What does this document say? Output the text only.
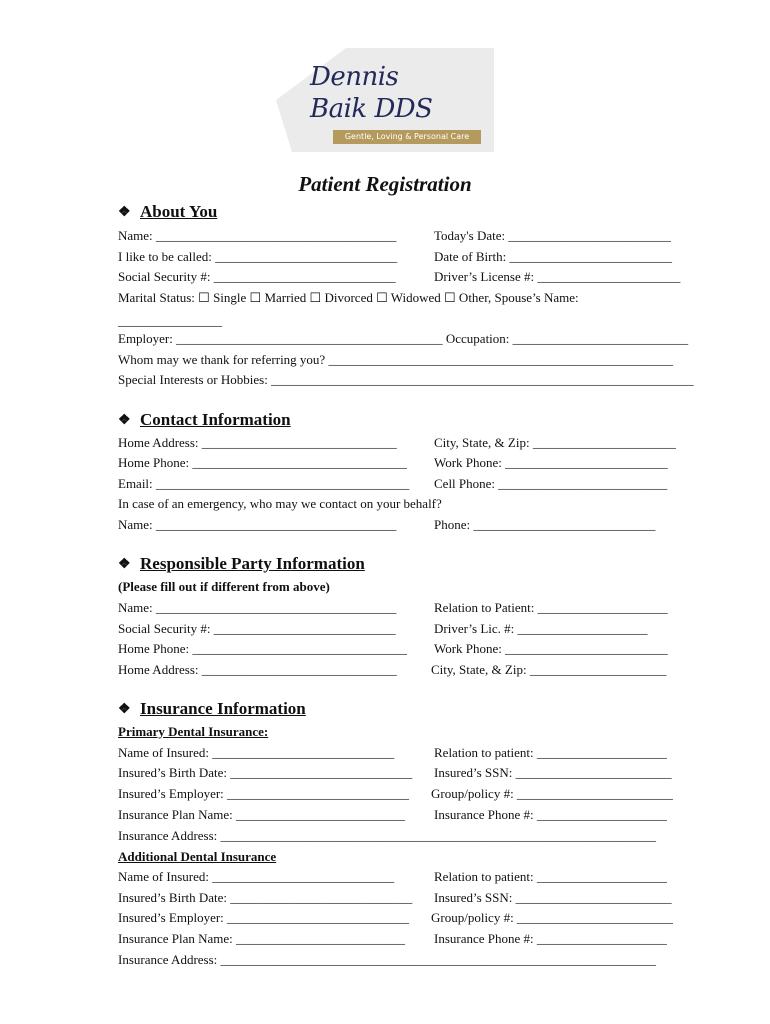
Dennis
Baik DDS
Gentle, Loving & Personal Care
Patient Registration
❖ About You
Name: _____________________________________	Today's Date: _________________________
I like to be called: ____________________________	Date of Birth: _________________________
Social Security #: ____________________________	Driver’s License #: ______________________
Marital Status: ☐ Single ☐ Married ☐ Divorced ☐ Widowed ☐ Other, Spouse’s Name:
________________
Employer: _________________________________________ Occupation: ___________________________
Whom may we thank for referring you? _____________________________________________________
Special Interests or Hobbies: _________________________________________________________________
❖ Contact Information
Home Address: ______________________________	City, State, & Zip: ______________________
Home Phone: _________________________________ Work Phone: _________________________
Email: _______________________________________ Cell Phone: __________________________
In case of an emergency, who may we contact on your behalf?
Name: _____________________________________	Phone: ____________________________
❖ Responsible Party Information
(Please fill out if different from above)
Name: _____________________________________	Relation to Patient: ____________________
Social Security #: ____________________________	Driver’s Lic. #: ____________________
Home Phone: _________________________________ Work Phone: _________________________
Home Address: ______________________________	City, State, & Zip: _____________________
❖ Insurance Information
Primary Dental Insurance:
Name of Insured: ____________________________	Relation to patient: ____________________
Insured’s Birth Date: ____________________________ Insured’s SSN: ________________________
Insured’s Employer: ____________________________ Group/policy #: ________________________
Insurance Plan Name: __________________________ Insurance Phone #: ____________________
Insurance Address: ___________________________________________________________________
Additional Dental Insurance
Name of Insured: ____________________________	Relation to patient: ____________________
Insured’s Birth Date: ____________________________ Insured’s SSN: ________________________
Insured’s Employer: ____________________________ Group/policy #: ________________________
Insurance Plan Name: __________________________ Insurance Phone #: ____________________
Insurance Address: ___________________________________________________________________
